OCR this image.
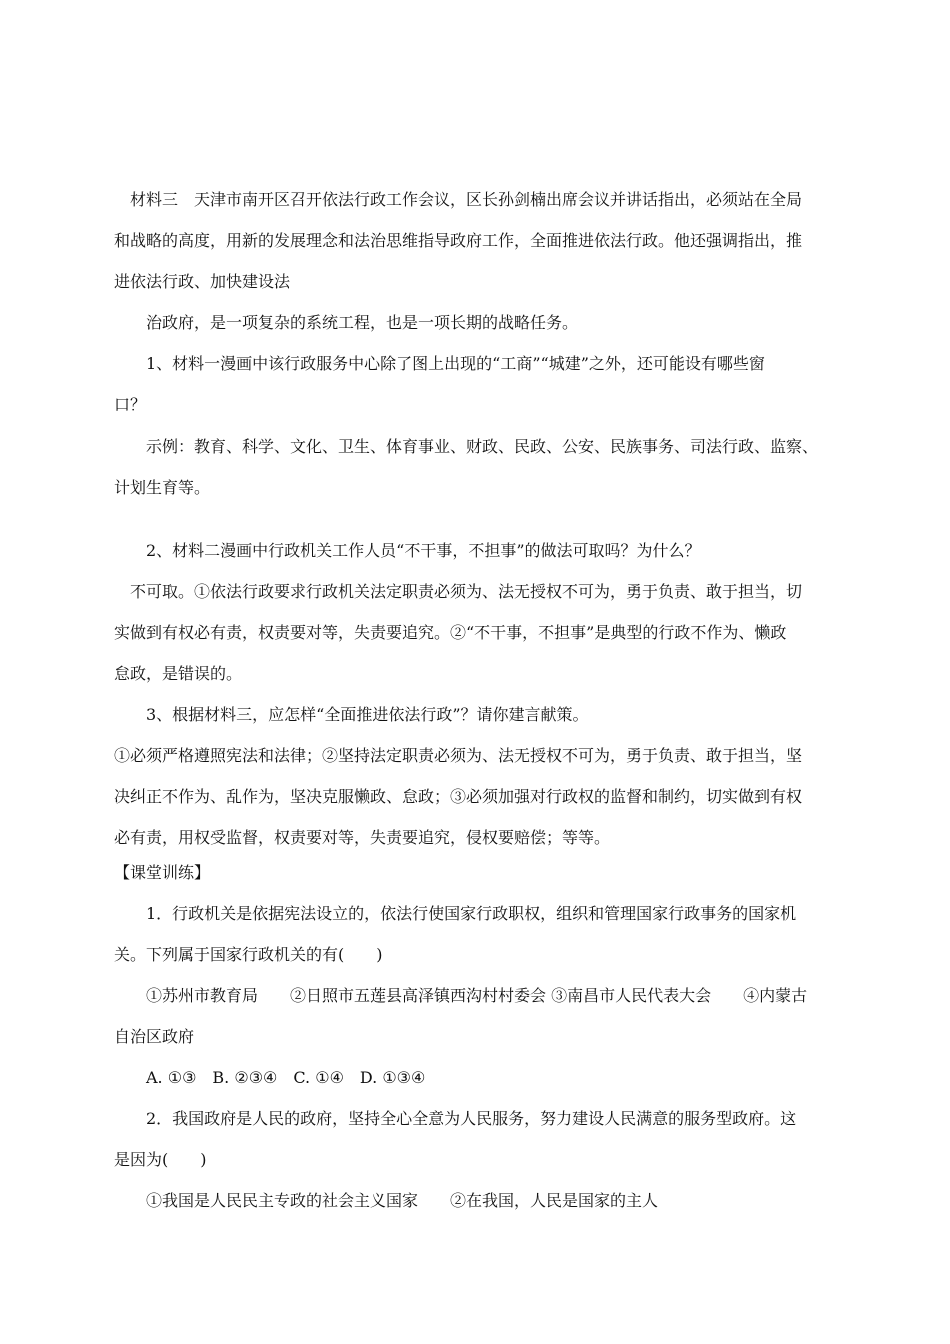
材料三　天津市南开区召开依法行政工作会议，区长孙剑楠出席会议并讲话指出，必须站在全局
和战略的高度，用新的发展理念和法治思维指导政府工作，全面推进依法行政。他还强调指出，推
进依法行政、加快建设法
治政府，是一项复杂的系统工程，也是一项长期的战略任务。
1、材料一漫画中该行政服务中心除了图上出现的“工商”“城建”之外，还可能设有哪些窗
口？
示例：教育、科学、文化、卫生、体育事业、财政、民政、公安、民族事务、司法行政、监察、
计划生育等。
2、材料二漫画中行政机关工作人员“不干事，不担事”的做法可取吗？为什么？
不可取。①依法行政要求行政机关法定职责必须为、法无授权不可为，勇于负责、敢于担当，切
实做到有权必有责，权责要对等，失责要追究。②“不干事，不担事”是典型的行政不作为、懒政
怠政，是错误的。
3、根据材料三，应怎样“全面推进依法行政”？请你建言献策。
①必须严格遵照宪法和法律；②坚持法定职责必须为、法无授权不可为，勇于负责、敢于担当，坚
决纠正不作为、乱作为，坚决克服懒政、怠政；③必须加强对行政权的监督和制约，切实做到有权
必有责，用权受监督，权责要对等，失责要追究，侵权要赔偿；等等。
【课堂训练】
1．行政机关是依据宪法设立的，依法行使国家行政职权，组织和管理国家行政事务的国家机
关。下列属于国家行政机关的有(　　)
①苏州市教育局　　②日照市五莲县高泽镇西沟村村委会 ③南昌市人民代表大会　　④内蒙古
自治区政府
A. ①③　B. ②③④　C. ①④　D. ①③④
2．我国政府是人民的政府，坚持全心全意为人民服务，努力建设人民满意的服务型政府。这
是因为(　　)
①我国是人民民主专政的社会主义国家　　②在我国，人民是国家的主人
